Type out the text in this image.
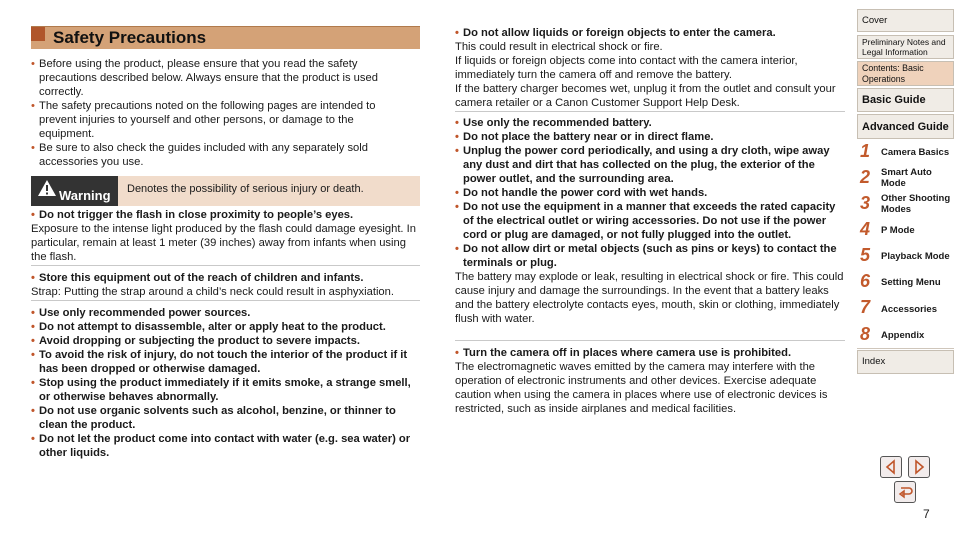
Safety Precautions
• Before using the product, please ensure that you read the safety precautions described below. Always ensure that the product is used correctly.
• The safety precautions noted on the following pages are intended to prevent injuries to yourself and other persons, or damage to the equipment.
• Be sure to also check the guides included with any separately sold accessories you use.
Warning Denotes the possibility of serious injury or death.
• Do not trigger the flash in close proximity to people’s eyes.
Exposure to the intense light produced by the flash could damage eyesight. In particular, remain at least 1 meter (39 inches) away from infants when using the flash.
• Store this equipment out of the reach of children and infants.
Strap: Putting the strap around a child’s neck could result in asphyxiation.
• Use only recommended power sources.
• Do not attempt to disassemble, alter or apply heat to the product.
• Avoid dropping or subjecting the product to severe impacts.
• To avoid the risk of injury, do not touch the interior of the product if it has been dropped or otherwise damaged.
• Stop using the product immediately if it emits smoke, a strange smell, or otherwise behaves abnormally.
• Do not use organic solvents such as alcohol, benzine, or thinner to clean the product.
• Do not let the product come into contact with water (e.g. sea water) or other liquids.
• Do not allow liquids or foreign objects to enter the camera.
This could result in electrical shock or fire.
If liquids or foreign objects come into contact with the camera interior, immediately turn the camera off and remove the battery.
If the battery charger becomes wet, unplug it from the outlet and consult your camera retailer or a Canon Customer Support Help Desk.
• Use only the recommended battery.
• Do not place the battery near or in direct flame.
• Unplug the power cord periodically, and using a dry cloth, wipe away any dust and dirt that has collected on the plug, the exterior of the power outlet, and the surrounding area.
• Do not handle the power cord with wet hands.
• Do not use the equipment in a manner that exceeds the rated capacity of the electrical outlet or wiring accessories. Do not use if the power cord or plug are damaged, or not fully plugged into the outlet.
• Do not allow dirt or metal objects (such as pins or keys) to contact the terminals or plug.
The battery may explode or leak, resulting in electrical shock or fire. This could cause injury and damage the surroundings. In the event that a battery leaks and the battery electrolyte contacts eyes, mouth, skin or clothing, immediately flush with water.
• Turn the camera off in places where camera use is prohibited.
The electromagnetic waves emitted by the camera may interfere with the operation of electronic instruments and other devices. Exercise adequate caution when using the camera in places where use of electronic devices is restricted, such as inside airplanes and medical facilities.
Cover
Preliminary Notes and Legal Information
Contents: Basic Operations
Basic Guide
Advanced Guide
1 Camera Basics
2 Smart Auto Mode
3 Other Shooting Modes
4 P Mode
5 Playback Mode
6 Setting Menu
7 Accessories
8 Appendix
Index
7
